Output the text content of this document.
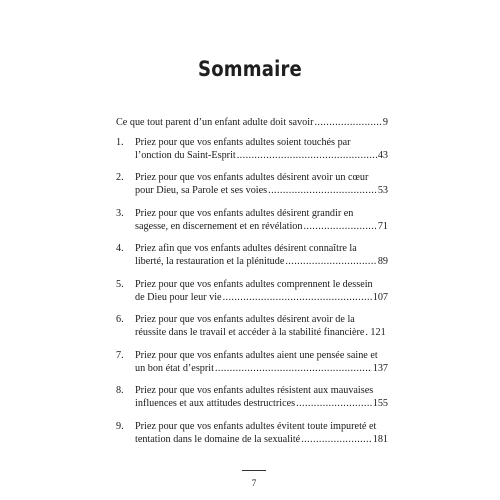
Sommaire
Ce que tout parent d’un enfant adulte doit savoir .....	9
1.	Priez pour que vos enfants adultes soient touchés par
l’onction du Saint-Esprit .....	43
2.	Priez pour que vos enfants adultes désirent avoir un cœur
pour Dieu, sa Parole et ses voies .....	53
3.	Priez pour que vos enfants adultes désirent grandir en
sagesse, en discernement et en révélation .....	71
4.	Priez afin que vos enfants adultes désirent connaître la
liberté, la restauration et la plénitude .....	89
5.	Priez pour que vos enfants adultes comprennent le dessein
de Dieu pour leur vie .....	107
6.	Priez pour que vos enfants adultes désirent avoir de la
réussite dans le travail et accéder à la stabilité financière ..... 121
7.	Priez pour que vos enfants adultes aient une pensée saine et
un bon état d’esprit .....	137
8.	Priez pour que vos enfants adultes résistent aux mauvaises
influences et aux attitudes destructrices .....	155
9.	Priez pour que vos enfants adultes évitent toute impureté et
tentation dans le domaine de la sexualité .....	181
7
